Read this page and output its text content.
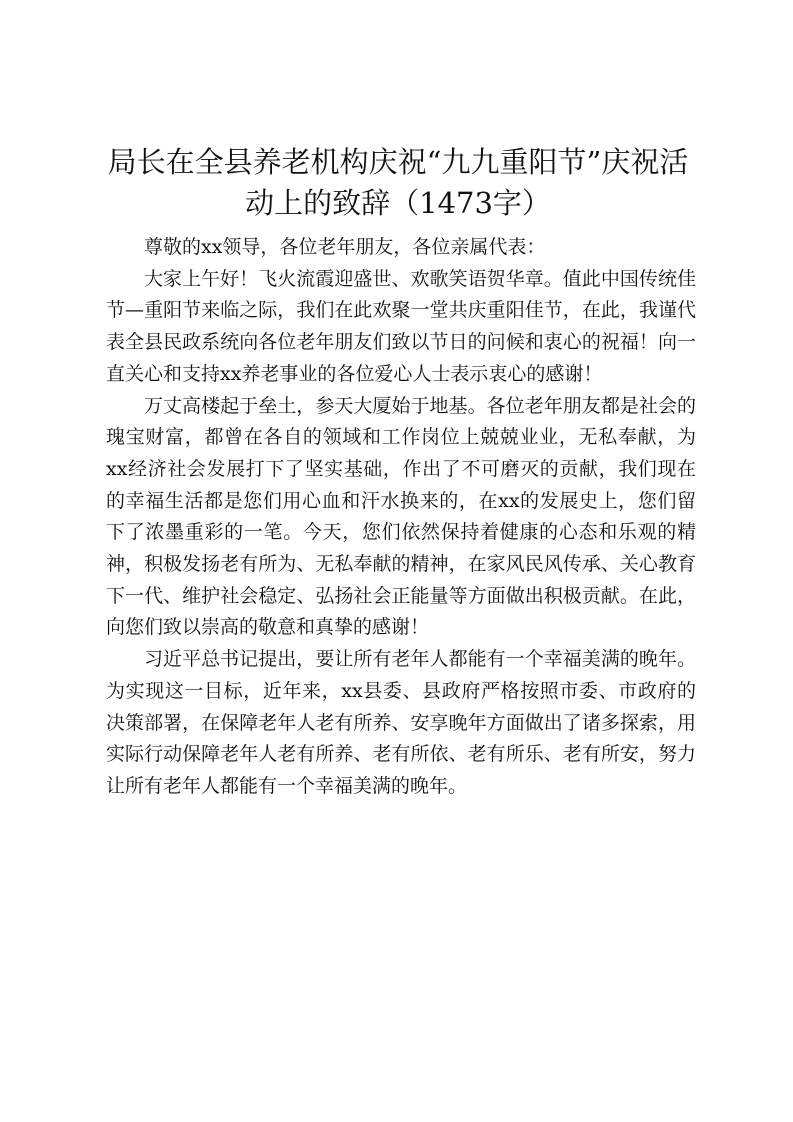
局长在全县养老机构庆祝“九九重阳节”庆祝活动上的致辞（1473字）

尊敬的xx领导，各位老年朋友，各位亲属代表：

大家上午好！飞火流霞迎盛世、欢歌笑语贺华章。值此中国传统佳节—重阳节来临之际，我们在此欢聚一堂共庆重阳佳节，在此，我谨代表全县民政系统向各位老年朋友们致以节日的问候和衷心的祝福！向一直关心和支持xx养老事业的各位爱心人士表示衷心的感谢！

万丈高楼起于垒土，参天大厦始于地基。各位老年朋友都是社会的瑰宝财富，都曾在各自的领域和工作岗位上兢兢业业，无私奉献，为xx经济社会发展打下了坚实基础，作出了不可磨灭的贡献，我们现在的幸福生活都是您们用心血和汗水换来的，在xx的发展史上，您们留下了浓墨重彩的一笔。今天，您们依然保持着健康的心态和乐观的精神，积极发扬老有所为、无私奉献的精神，在家风民风传承、关心教育下一代、维护社会稳定、弘扬社会正能量等方面做出积极贡献。在此，向您们致以崇高的敬意和真挚的感谢！

习近平总书记提出，要让所有老年人都能有一个幸福美满的晚年。为实现这一目标，近年来，xx县委、县政府严格按照市委、市政府的决策部署，在保障老年人老有所养、安享晚年方面做出了诸多探索，用实际行动保障老年人老有所养、老有所依、老有所乐、老有所安，努力让所有老年人都能有一个幸福美满的晚年。
